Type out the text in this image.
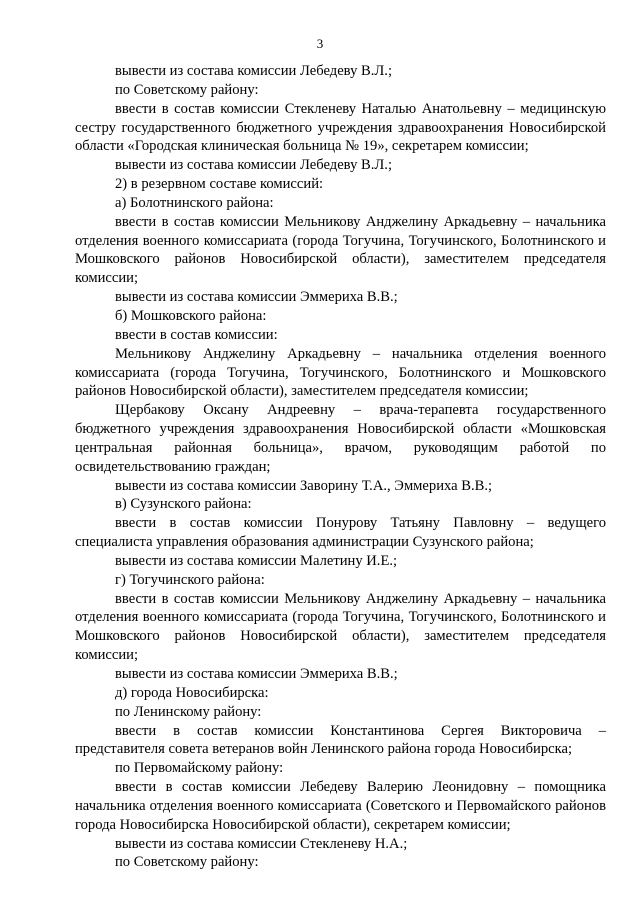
3

вывести из состава комиссии Лебедеву В.Л.;

по Советскому району:

ввести в состав комиссии Стекленеву Наталью Анатольевну – медицинскую сестру государственного бюджетного учреждения здравоохранения Новосибирской области «Городская клиническая больница № 19», секретарем комиссии;

вывести из состава комиссии Лебедеву В.Л.;

2) в резервном составе комиссий:

а) Болотнинского района:

ввести в состав комиссии Мельникову Анджелину Аркадьевну – начальника отделения военного комиссариата (города Тогучина, Тогучинского, Болотнинского и Мошковского районов Новосибирской области), заместителем председателя комиссии;

вывести из состава комиссии Эммериха В.В.;

б) Мошковского района:

ввести в состав комиссии:

Мельникову Анджелину Аркадьевну – начальника отделения военного комиссариата (города Тогучина, Тогучинского, Болотнинского и Мошковского районов Новосибирской области), заместителем председателя комиссии;

Щербакову Оксану Андреевну – врача-терапевта государственного бюджетного учреждения здравоохранения Новосибирской области «Мошковская центральная районная больница», врачом, руководящим работой по освидетельствованию граждан;

вывести из состава комиссии Заворину Т.А., Эммериха В.В.;

в) Сузунского района:

ввести в состав комиссии Понурову Татьяну Павловну – ведущего специалиста управления образования администрации Сузунского района;

вывести из состава комиссии Малетину И.Е.;

г) Тогучинского района:

ввести в состав комиссии Мельникову Анджелину Аркадьевну – начальника отделения военного комиссариата (города Тогучина, Тогучинского, Болотнинского и Мошковского районов Новосибирской области), заместителем председателя комиссии;

вывести из состава комиссии Эммериха В.В.;

д) города Новосибирска:

по Ленинскому району:

ввести в состав комиссии Константинова Сергея Викторовича – представителя совета ветеранов войн Ленинского района города Новосибирска;

по Первомайскому району:

ввести в состав комиссии Лебедеву Валерию Леонидовну – помощника начальника отделения военного комиссариата (Советского и Первомайского районов города Новосибирска Новосибирской области), секретарем комиссии;

вывести из состава комиссии Стекленеву Н.А.;

по Советскому району:
